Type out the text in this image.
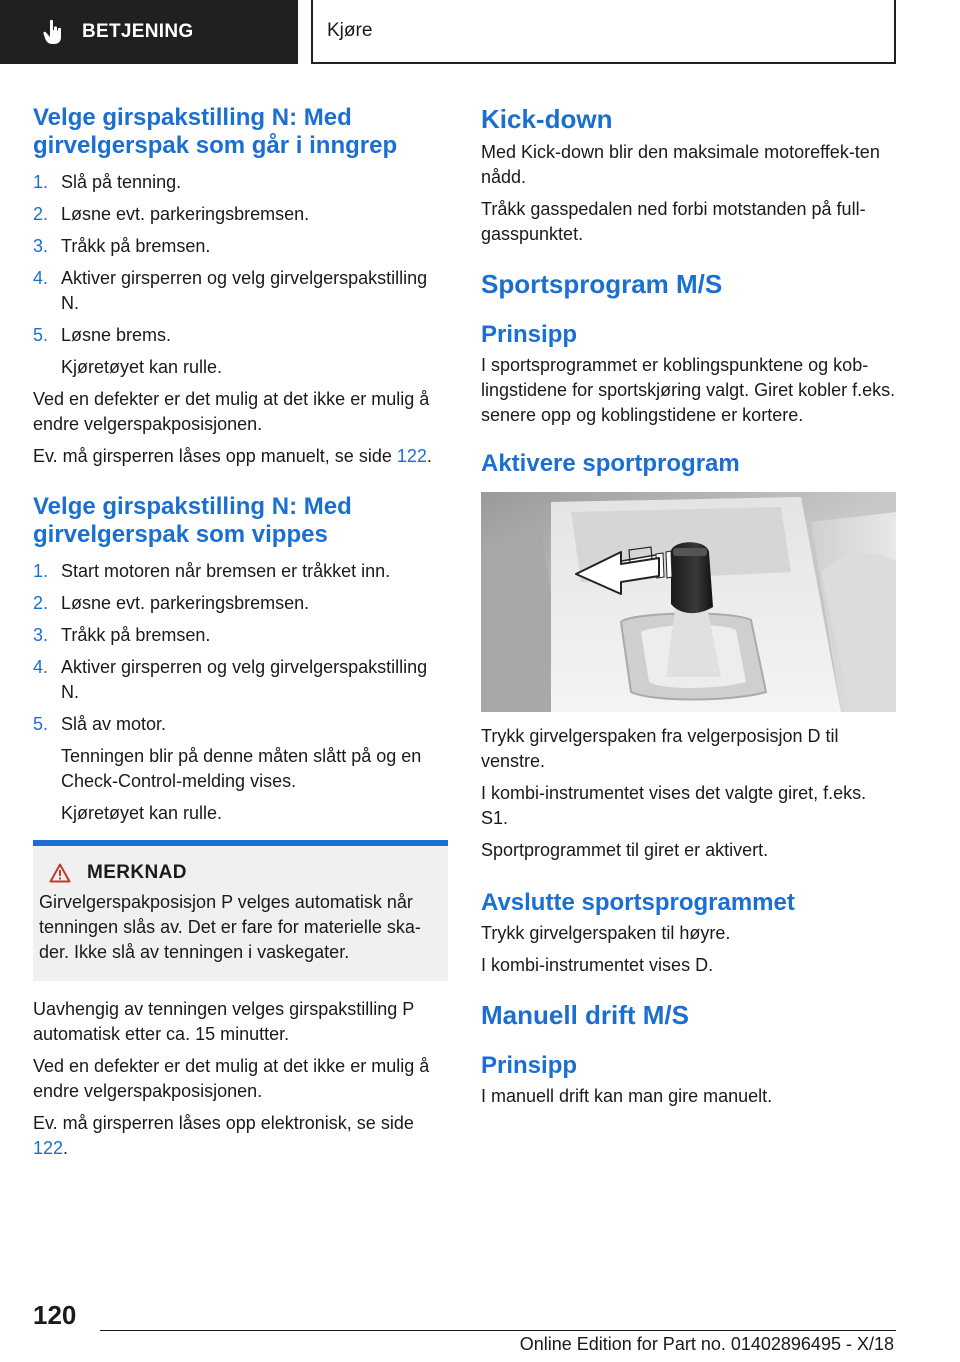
BETJENING	Kjøre
Velge girspakstilling N: Med girvelgerspak som går i inngrep
1. Slå på tenning.
2. Løsne evt. parkeringsbremsen.
3. Tråkk på bremsen.
4. Aktiver girsperren og velg girvelgerspakstilling N.
5. Løsne brems.
Kjøretøyet kan rulle.

Ved en defekter er det mulig at det ikke er mulig å endre velgerspakposisjonen.

Ev. må girsperren låses opp manuelt, se side 122.

Velge girspakstilling N: Med girvelgerspak som vippes
1. Start motoren når bremsen er tråkket inn.
2. Løsne evt. parkeringsbremsen.
3. Tråkk på bremsen.
4. Aktiver girsperren og velg girvelgerspakstilling N.
5. Slå av motor.
Tenningen blir på denne måten slått på og en Check-Control-melding vises.
Kjøretøyet kan rulle.
MERKNAD

Girvelgerspakposisjon P velges automatisk når tenningen slås av. Det er fare for materielle ska-der. Ikke slå av tenningen i vaskegater.

Uavhengig av tenningen velges girspakstilling P automatisk etter ca. 15 minutter.

Ved en defekter er det mulig at det ikke er mulig å endre velgerspakposisjonen.

Ev. må girsperren låses opp elektronisk, se side 122.

Kick-down

Med Kick-down blir den maksimale motoreffek-ten nådd.

Tråkk gasspedalen ned forbi motstanden på full-gasspunktet.

Sportsprogram M/S
Prinsipp

I sportsprogrammet er koblingspunktene og kob-lingstidene for sportskjøring valgt. Giret kobler f.eks. senere opp og koblingstidene er kortere.

Aktivere sportprogram

Trykk girvelgerspaken fra velgerposisjon D til venstre.

I kombi-instrumentet vises det valgte giret, f.eks. S1.

Sportprogrammet til giret er aktivert.

Avslutte sportsprogrammet

Trykk girvelgerspaken til høyre.

I kombi-instrumentet vises D.

Manuell drift M/S
Prinsipp

I manuell drift kan man gire manuelt.

120
Online Edition for Part no. 01402896495 - X/18
